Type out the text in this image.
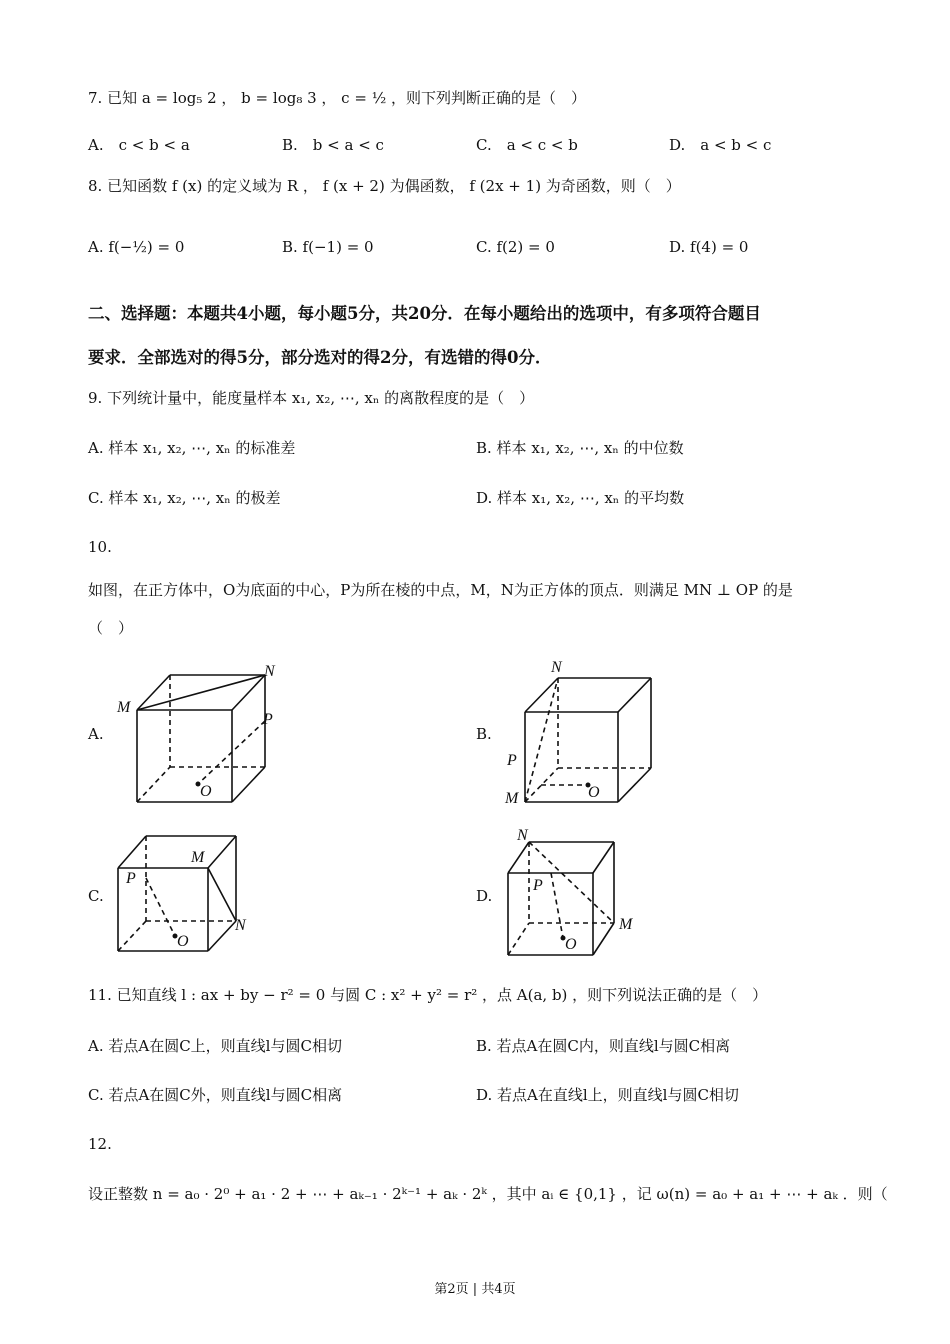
7. 已知 a = log₅ 2 ， b = log₈ 3 ， c = ½ ，则下列判断正确的是（　）
A.　c < b < a	B.　b < a < c	C.　a < c < b	D.　a < b < c
8. 已知函数 f (x) 的定义域为 R ， f (x + 2) 为偶函数， f (2x + 1) 为奇函数，则（　）
A. f(−½) = 0	B. f(−1) = 0	C. f(2) = 0	D. f(4) = 0
二、选择题：本题共4小题，每小题5分，共20分．在每小题给出的选项中，有多项符合题目
要求．全部选对的得5分，部分选对的得2分，有选错的得0分．
9. 下列统计量中，能度量样本 x₁, x₂, ⋯, xₙ 的离散程度的是（　）
A. 样本 x₁, x₂, ⋯, xₙ 的标准差	B. 样本 x₁, x₂, ⋯, xₙ 的中位数
C. 样本 x₁, x₂, ⋯, xₙ 的极差	D. 样本 x₁, x₂, ⋯, xₙ 的平均数
10.
如图，在正方体中，O为底面的中心，P为所在棱的中点，M，N为正方体的顶点．则满足 MN ⊥ OP 的是
（　）
A.
M
N
P
O
B.
N
P
M	O
C.
M
P
N
O
D.
N
P
M
O
11. 已知直线 l : ax + by − r² = 0 与圆 C : x² + y² = r² ，点 A(a, b) ，则下列说法正确的是（　）
A. 若点A在圆C上，则直线l与圆C相切	B. 若点A在圆C内，则直线l与圆C相离
C. 若点A在圆C外，则直线l与圆C相离	D. 若点A在直线l上，则直线l与圆C相切
12.
设正整数 n = a₀ · 2⁰ + a₁ · 2 + ⋯ + aₖ₋₁ · 2ᵏ⁻¹ + aₖ · 2ᵏ ，其中 aᵢ ∈ {0,1} ，记 ω(n) = a₀ + a₁ + ⋯ + aₖ ．则（
第2页 | 共4页
